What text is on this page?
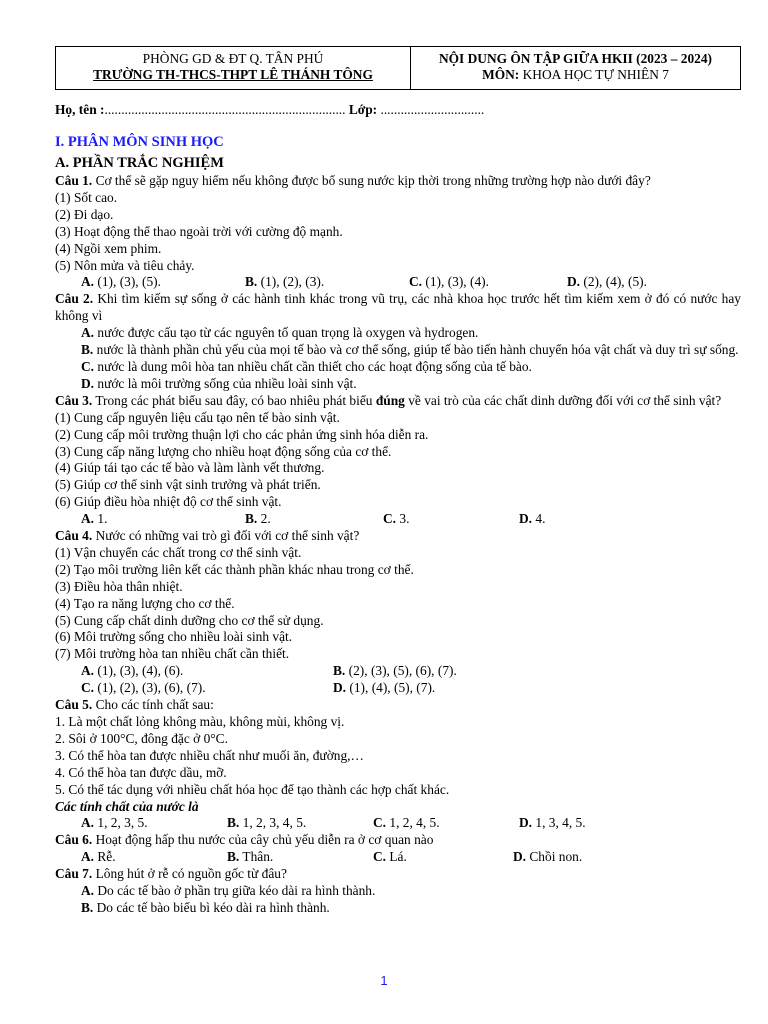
PHÒNG GD & ĐT Q. TÂN PHÚ
TRƯỜNG TH-THCS-THPT LÊ THÁNH TÔNG
NỘI DUNG ÔN TẬP GIỮA HKII (2023 – 2024)
MÔN: KHOA HỌC TỰ NHIÊN 7
Họ, tên :........................................................................ Lớp: ...............................
I. PHÂN MÔN SINH HỌC
A. PHẦN TRẮC NGHIỆM
Câu 1. Cơ thể sẽ gặp nguy hiểm nếu không được bổ sung nước kịp thời trong những trường hợp nào dưới đây?
(1) Sốt cao.
(2) Đi dạo.
(3) Hoạt động thể thao ngoài trời với cường độ mạnh.
(4) Ngồi xem phim.
(5) Nôn mửa và tiêu chảy.
A. (1), (3), (5).	B. (1), (2), (3).	C. (1), (3), (4).	D. (2), (4), (5).
Câu 2. Khi tìm kiếm sự sống ở các hành tinh khác trong vũ trụ, các nhà khoa học trước hết tìm kiếm xem ở đó có nước hay không vì
A. nước được cấu tạo từ các nguyên tố quan trọng là oxygen và hydrogen.
B. nước là thành phần chủ yếu của mọi tế bào và cơ thể sống, giúp tế bào tiến hành chuyển hóa vật chất và duy trì sự sống.
C. nước là dung môi hòa tan nhiều chất cần thiết cho các hoạt động sống của tế bào.
D. nước là môi trường sống của nhiều loài sinh vật.
Câu 3. Trong các phát biểu sau đây, có bao nhiêu phát biểu đúng về vai trò của các chất dinh dưỡng đối với cơ thể sinh vật?
(1) Cung cấp nguyên liệu cấu tạo nên tế bào sinh vật.
(2) Cung cấp môi trường thuận lợi cho các phản ứng sinh hóa diễn ra.
(3) Cung cấp năng lượng cho nhiều hoạt động sống của cơ thể.
(4) Giúp tái tạo các tế bào và làm lành vết thương.
(5) Giúp cơ thể sinh vật sinh trưởng và phát triển.
(6) Giúp điều hòa nhiệt độ cơ thể sinh vật.
A. 1.	B. 2.	C. 3.	D. 4.
Câu 4. Nước có những vai trò gì đối với cơ thể sinh vật?
(1) Vận chuyển các chất trong cơ thể sinh vật.
(2) Tạo môi trường liên kết các thành phần khác nhau trong cơ thể.
(3) Điều hòa thân nhiệt.
(4) Tạo ra năng lượng cho cơ thể.
(5) Cung cấp chất dinh dưỡng cho cơ thể sử dụng.
(6) Môi trường sống cho nhiều loài sinh vật.
(7) Môi trường hòa tan nhiều chất cần thiết.
A. (1), (3), (4), (6).	B. (2), (3), (5), (6), (7).
C. (1), (2), (3), (6), (7).	D. (1), (4), (5), (7).
Câu 5. Cho các tính chất sau:
1. Là một chất lỏng không màu, không mùi, không vị.
2. Sôi ở 100°C, đông đặc ở 0°C.
3. Có thể hòa tan được nhiều chất như muối ăn, đường,…
4. Có thể hòa tan được dầu, mỡ.
5. Có thể tác dụng với nhiều chất hóa học để tạo thành các hợp chất khác.
Các tính chất của nước là
A. 1, 2, 3, 5.	B. 1, 2, 3, 4, 5.	C. 1, 2, 4, 5.	D. 1, 3, 4, 5.
Câu 6. Hoạt động hấp thu nước của cây chủ yếu diễn ra ở cơ quan nào
A. Rễ.	B. Thân.	C. Lá.	D. Chồi non.
Câu 7. Lông hút ở rễ có nguồn gốc từ đâu?
A. Do các tế bào ở phần trụ giữa kéo dài ra hình thành.
B. Do các tế bào biểu bì kéo dài ra hình thành.
1
